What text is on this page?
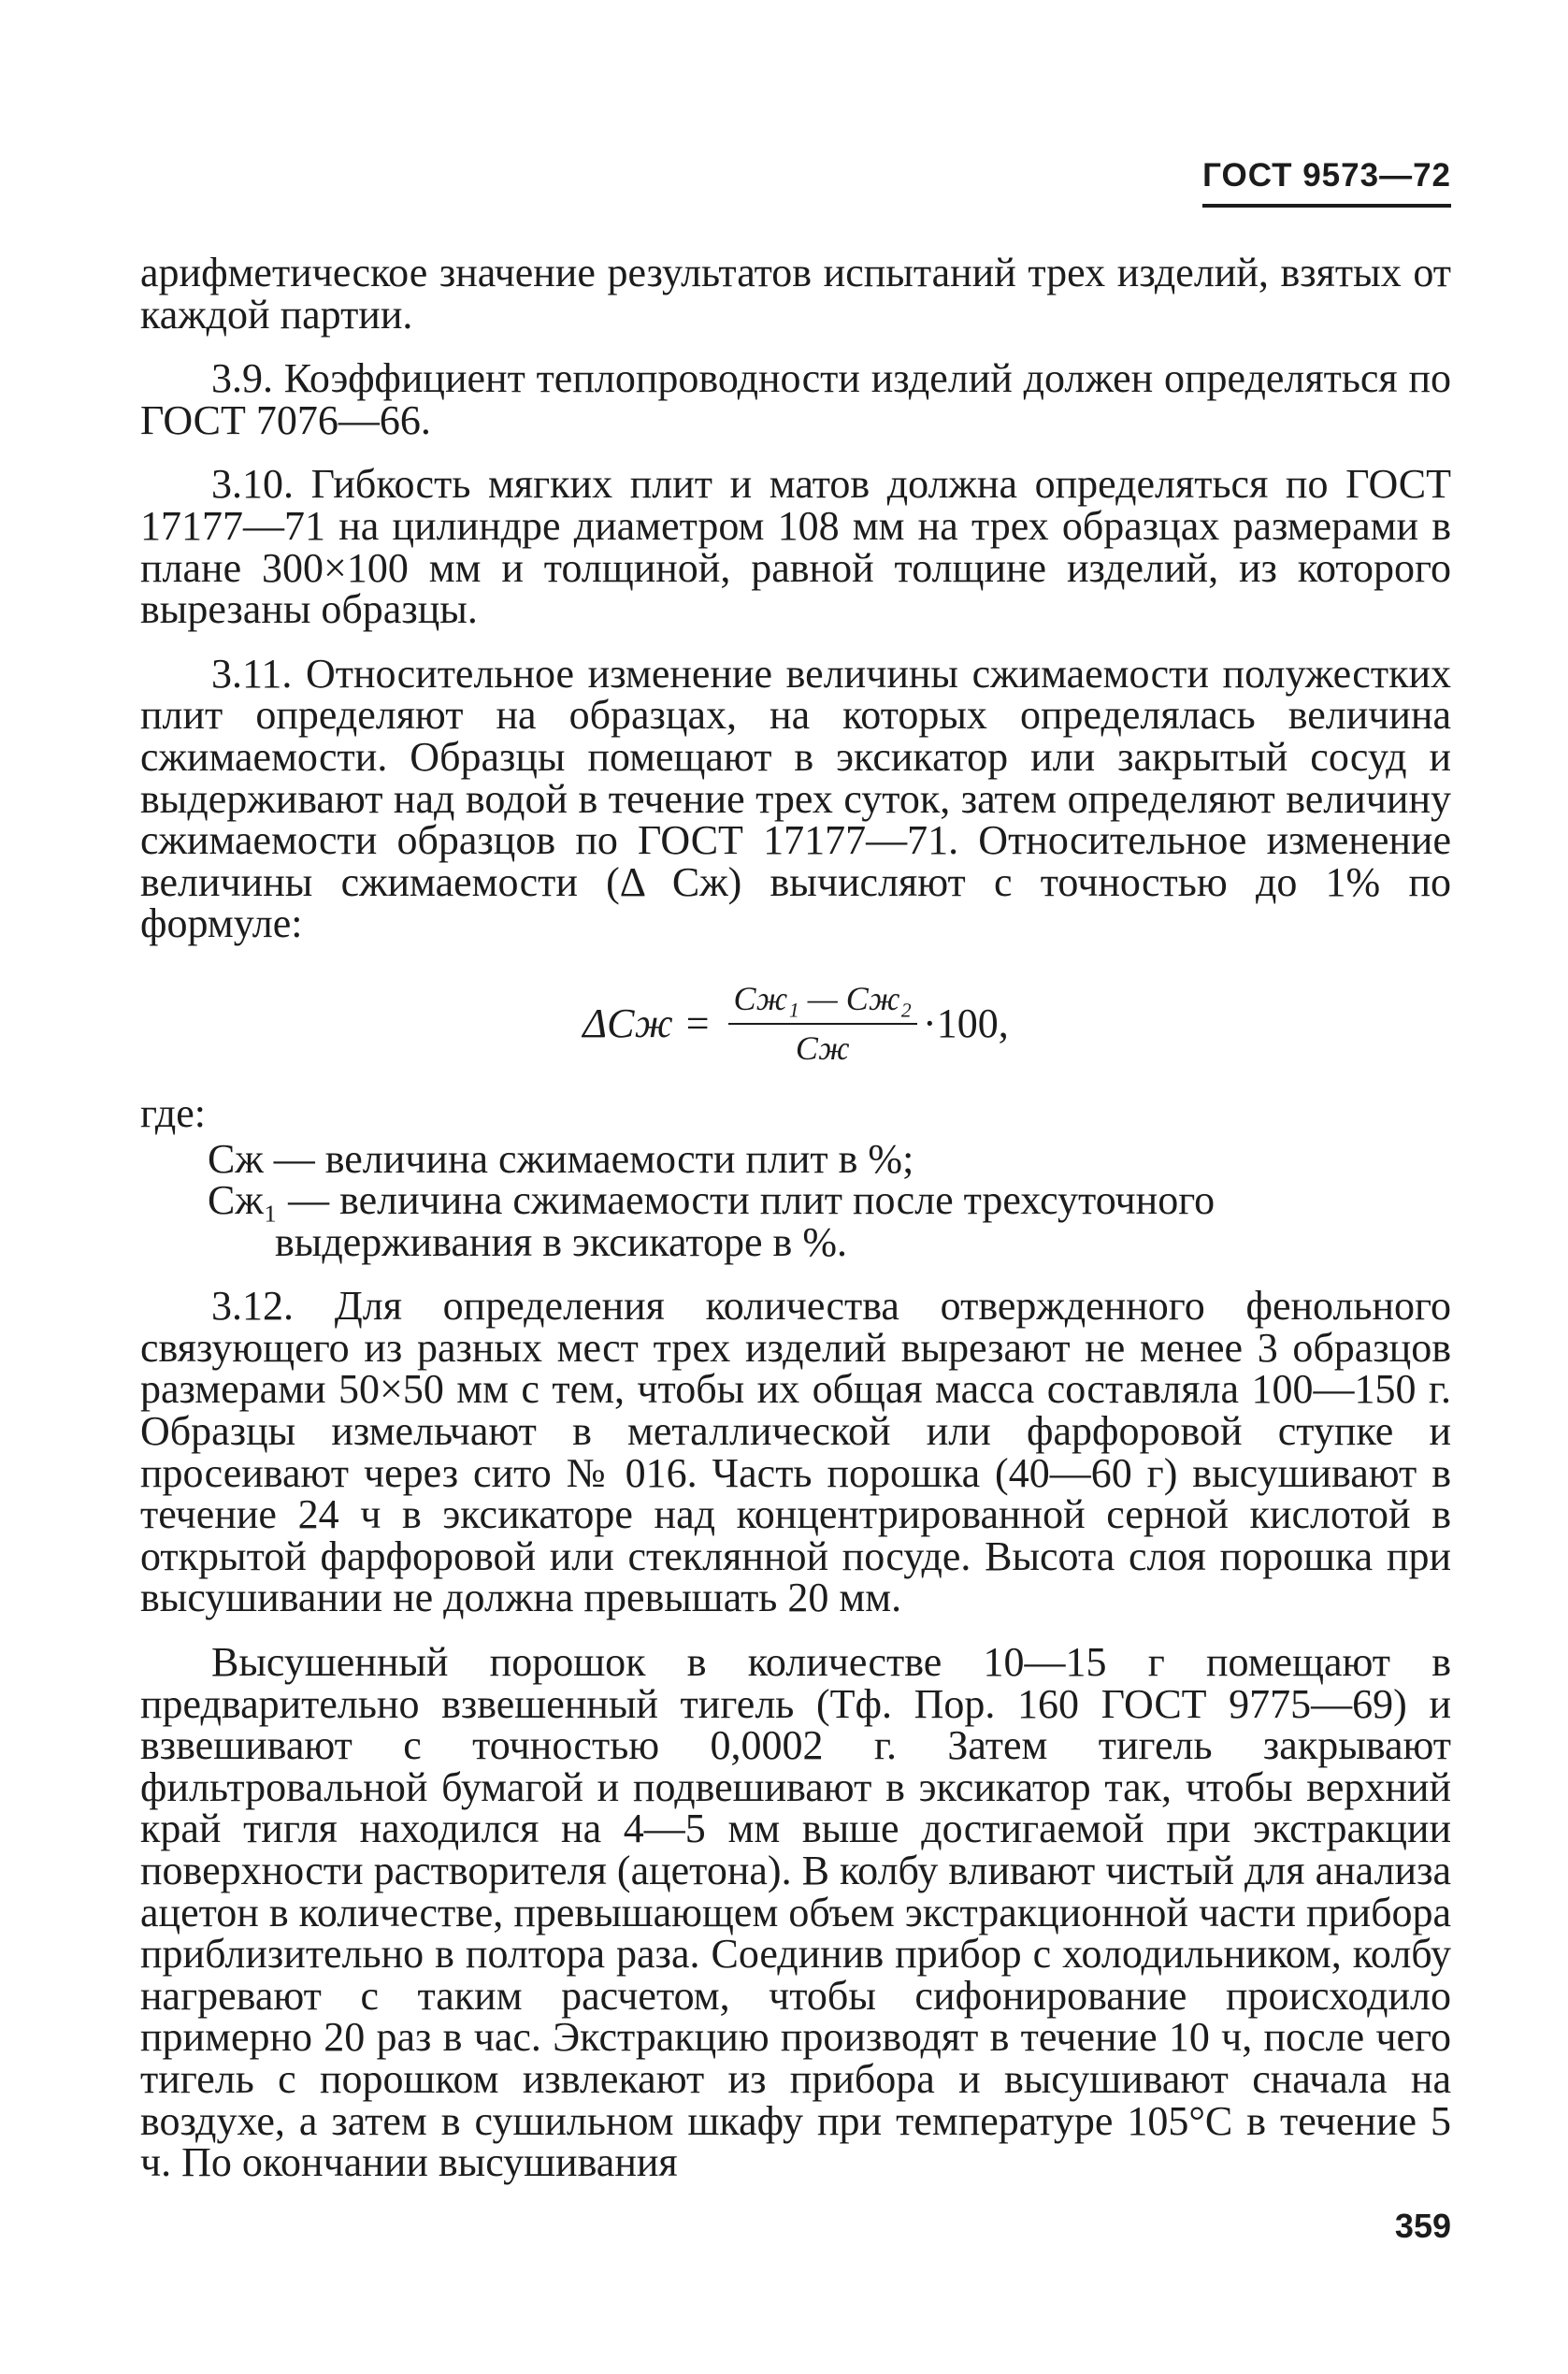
ГОСТ 9573—72

арифметическое значение результатов испытаний трех изделий, взятых от каждой партии.

3.9. Коэффициент теплопроводности изделий должен определяться по ГОСТ 7076—66.

3.10. Гибкость мягких плит и матов должна определяться по ГОСТ 17177—71 на цилиндре диаметром 108 мм на трех образцах размерами в плане 300×100 мм и толщиной, равной толщине изделий, из которого вырезаны образцы.

3.11. Относительное изменение величины сжимаемости полужестких плит определяют на образцах, на которых определялась величина сжимаемости. Образцы помещают в эксикатор или закрытый сосуд и выдерживают над водой в течение трех суток, затем определяют величину сжимаемости образцов по ГОСТ 17177—71. Относительное изменение величины сжимаемости (Δ Сж) вычисляют с точностью до 1% по формуле:

$\Delta Сж = \frac{\text{Сж₁ — Сж₂}}{Сж} \cdot 100$,

где:

Сж — величина сжимаемости плит в %;

Сж₁ — величина сжимаемости плит после трехсуточного выдерживания в эксикаторе в %.

3.12. Для определения количества отвержденного фенольного связующего из разных мест трех изделий вырезают не менее 3 образцов размерами 50×50 мм с тем, чтобы их общая масса составляла 100—150 г. Образцы измельчают в металлической или фарфоровой ступке и просеивают через сито № 016. Часть порошка (40—60 г) высушивают в течение 24 ч в эксикаторе над концентрированной серной кислотой в открытой фарфоровой или стеклянной посуде. Высота слоя порошка при высушивании не должна превышать 20 мм.

Высушенный порошок в количестве 10—15 г помещают в предварительно взвешенный тигель (Тф. Пор. 160 ГОСТ 9775—69) и взвешивают с точностью 0,0002 г. Затем тигель закрывают фильтровальной бумагой и подвешивают в эксикатор так, чтобы верхний край тигля находился на 4—5 мм выше достигаемой при экстракции поверхности растворителя (ацетона). В колбу вливают чистый для анализа ацетон в количестве, превышающем объем экстракционной части прибора приблизительно в полтора раза. Соединив прибор с холодильником, колбу нагревают с таким расчетом, чтобы сифонирование происходило примерно 20 раз в час. Экстракцию производят в течение 10 ч, после чего тигель с порошком извлекают из прибора и высушивают сначала на воздухе, а затем в сушильном шкафу при температуре 105°С в течение 5 ч. По окончании высушивания

359
